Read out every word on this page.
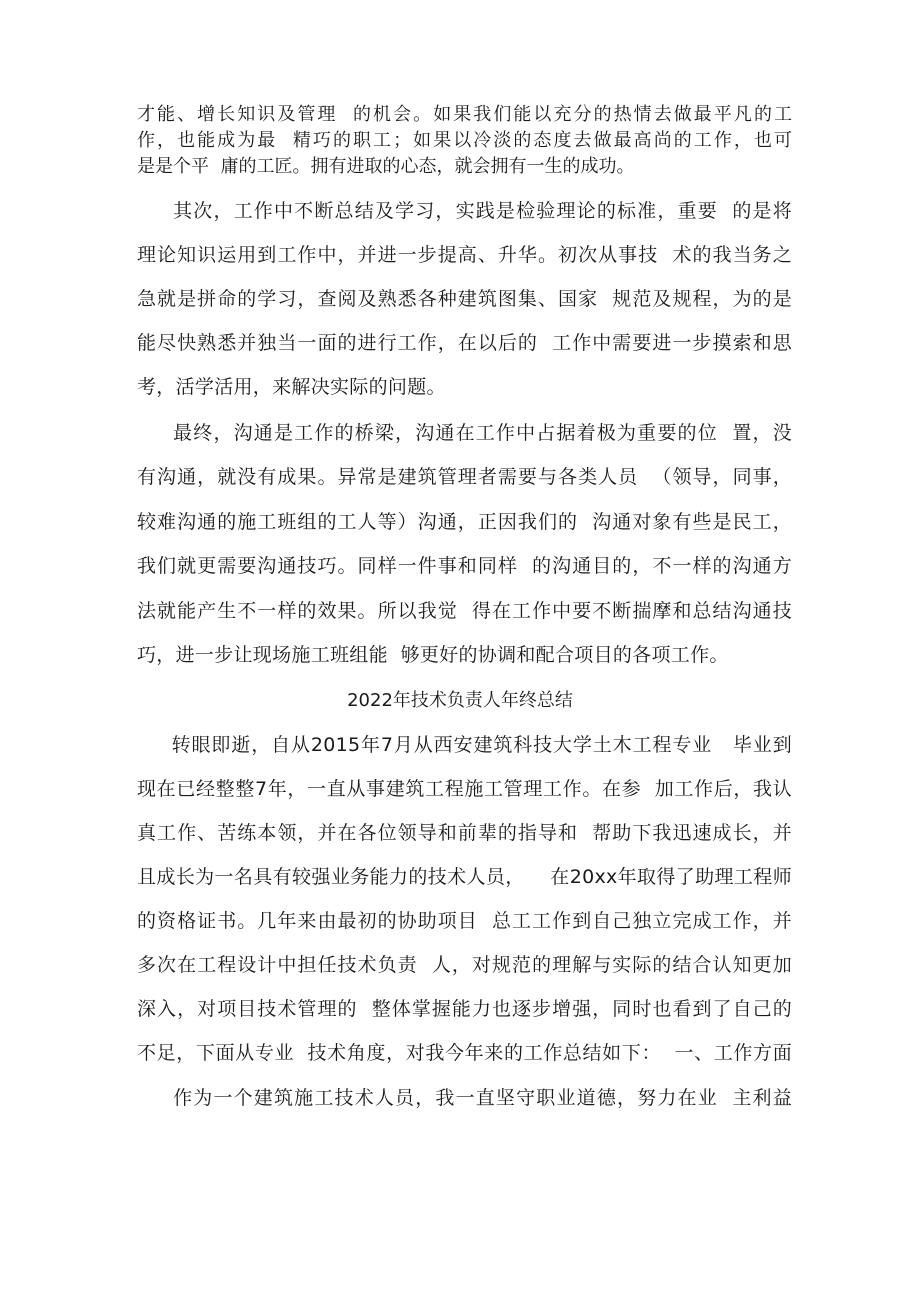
才能、增长知识及管理  的机会。如果我们能以充分的热情去做最平凡的工
作，也能成为最  精巧的职工；如果以冷淡的态度去做最高尚的工作，也可
是是个平  庸的工匠。拥有进取的心态，就会拥有一生的成功。
其次，工作中不断总结及学习，实践是检验理论的标准，重要  的是将
理论知识运用到工作中，并进一步提高、升华。初次从事技  术的我当务之
急就是拼命的学习，查阅及熟悉各种建筑图集、国家  规范及规程，为的是
能尽快熟悉并独当一面的进行工作，在以后的  工作中需要进一步摸索和思
考，活学活用，来解决实际的问题。
最终，沟通是工作的桥梁，沟通在工作中占据着极为重要的位  置，没
有沟通，就没有成果。异常是建筑管理者需要与各类人员  （领导，同事，
较难沟通的施工班组的工人等）沟通，正因我们的  沟通对象有些是民工，
我们就更需要沟通技巧。同样一件事和同样  的沟通目的，不一样的沟通方
法就能产生不一样的效果。所以我觉  得在工作中要不断揣摩和总结沟通技
巧，进一步让现场施工班组能  够更好的协调和配合项目的各项工作。
2022年技术负责人年终总结
转眼即逝，自从2015年7月从西安建筑科技大学土木工程专业   毕业到
现在已经整整7年，一直从事建筑工程施工管理工作。在参  加工作后，我认
真工作、苦练本领，并在各位领导和前辈的指导和  帮助下我迅速成长，并
且成长为一名具有较强业务能力的技术人员，    在20xx年取得了助理工程师
的资格证书。几年来由最初的协助项目  总工工作到自己独立完成工作，并
多次在工程设计中担任技术负责  人，对规范的理解与实际的结合认知更加
深入，对项目技术管理的  整体掌握能力也逐步增强，同时也看到了自己的
不足，下面从专业  技术角度，对我今年来的工作总结如下：  一、工作方面
作为一个建筑施工技术人员，我一直坚守职业道德，努力在业  主利益
